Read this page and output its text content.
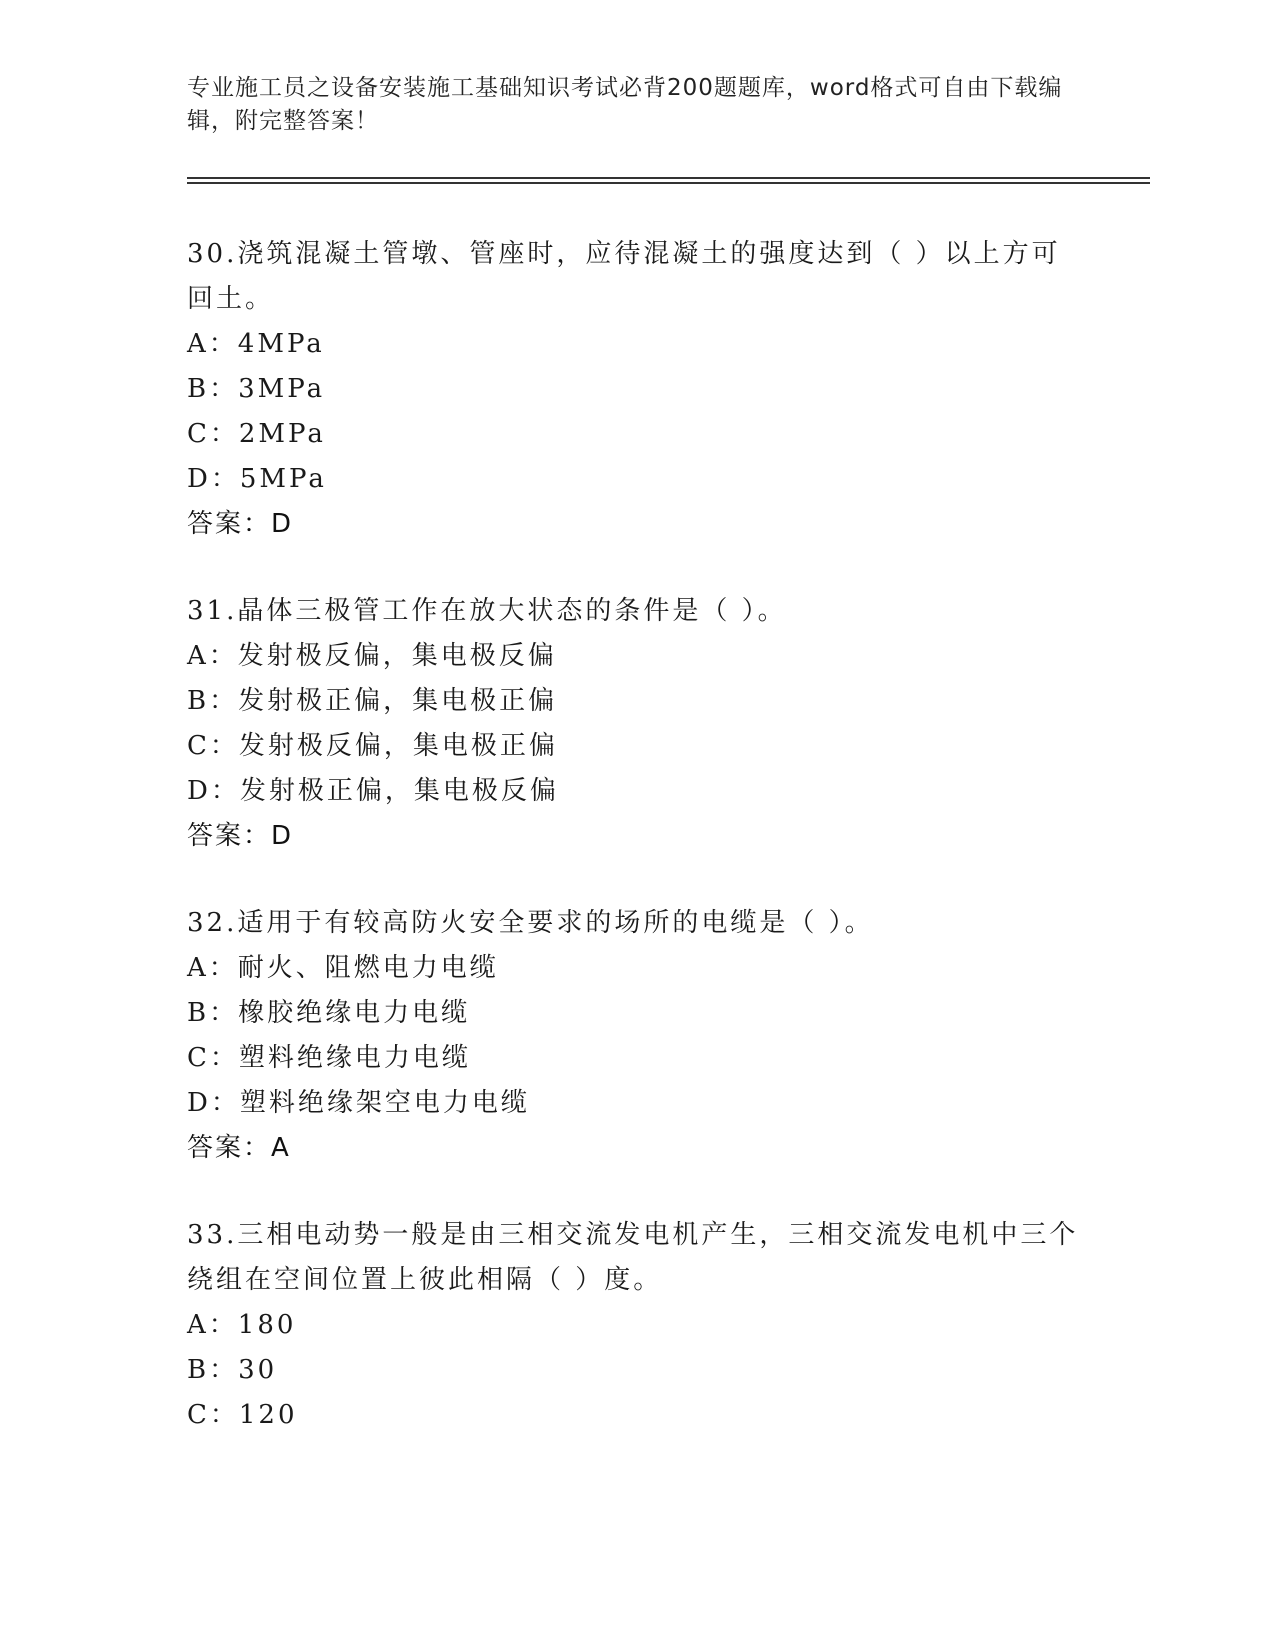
专业施工员之设备安装施工基础知识考试必背200题题库，word格式可自由下载编辑，附完整答案！

30.浇筑混凝土管墩、管座时，应待混凝土的强度达到（ ）以上方可回土。

A：4MPa

B：3MPa

C：2MPa

D：5MPa

答案：D

31.晶体三极管工作在放大状态的条件是（ ）。

A：发射极反偏，集电极反偏

B：发射极正偏，集电极正偏

C：发射极反偏，集电极正偏

D：发射极正偏，集电极反偏

答案：D

32.适用于有较高防火安全要求的场所的电缆是（ ）。

A：耐火、阻燃电力电缆

B：橡胶绝缘电力电缆

C：塑料绝缘电力电缆

D：塑料绝缘架空电力电缆

答案：A

33.三相电动势一般是由三相交流发电机产生，三相交流发电机中三个绕组在空间位置上彼此相隔（ ）度。

A：180

B：30

C：120
